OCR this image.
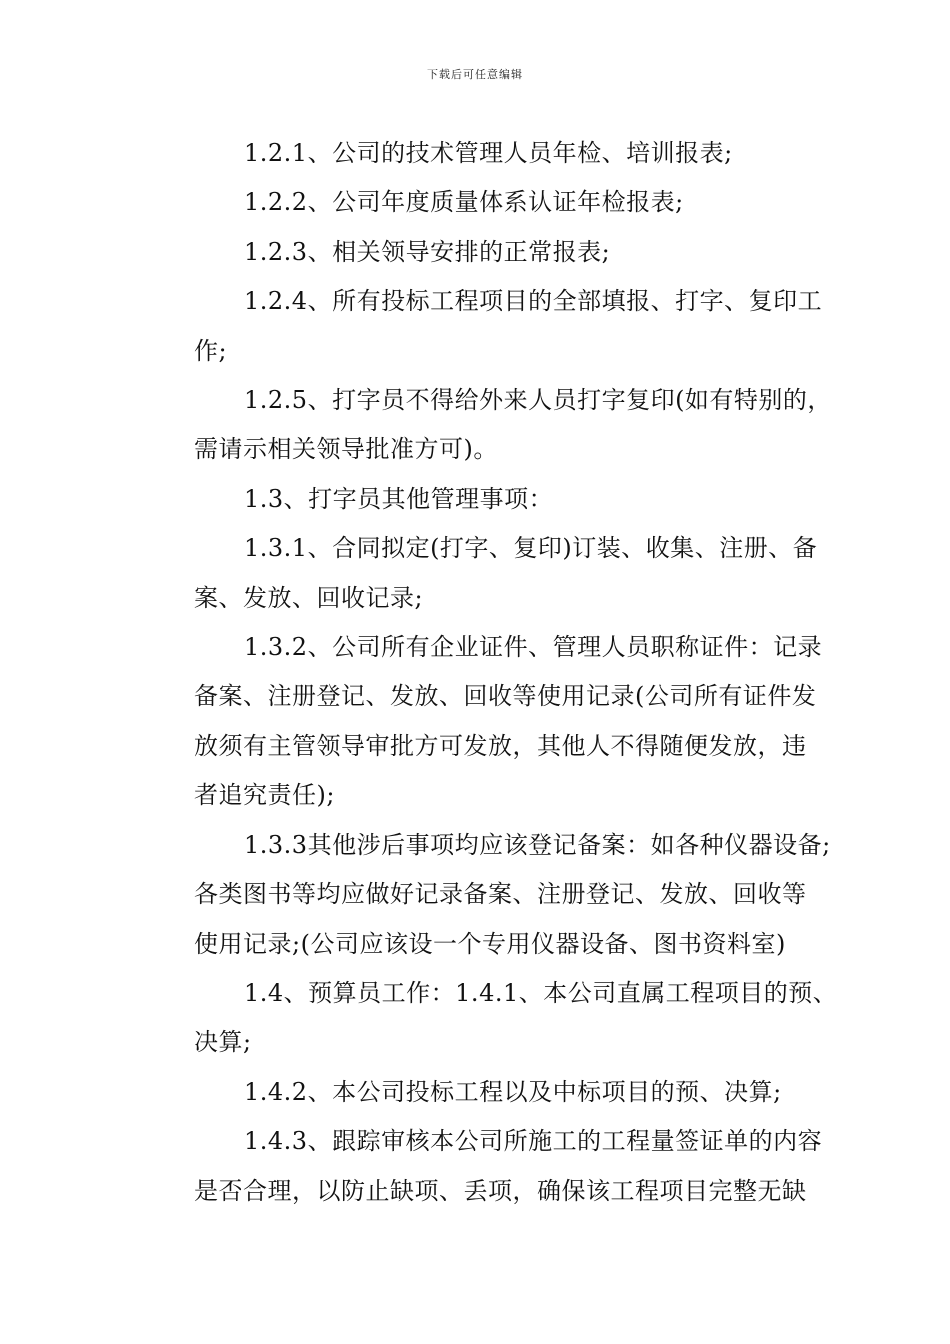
下载后可任意编辑
1.2.1、公司的技术管理人员年检、培训报表;
1.2.2、公司年度质量体系认证年检报表;
1.2.3、相关领导安排的正常报表;
1.2.4、所有投标工程项目的全部填报、打字、复印工
作;
1.2.5、打字员不得给外来人员打字复印(如有特别的，
需请示相关领导批准方可)。
1.3、打字员其他管理事项：
1.3.1、合同拟定(打字、复印)订装、收集、注册、备
案、发放、回收记录;
1.3.2、公司所有企业证件、管理人员职称证件：记录
备案、注册登记、发放、回收等使用记录(公司所有证件发
放须有主管领导审批方可发放，其他人不得随便发放，违
者追究责任);
1.3.3其他涉后事项均应该登记备案：如各种仪器设备;
各类图书等均应做好记录备案、注册登记、发放、回收等
使用记录;(公司应该设一个专用仪器设备、图书资料室)
1.4、预算员工作：1.4.1、本公司直属工程项目的预、
决算;
1.4.2、本公司投标工程以及中标项目的预、决算;
1.4.3、跟踪审核本公司所施工的工程量签证单的内容
是否合理，以防止缺项、丢项，确保该工程项目完整无缺
